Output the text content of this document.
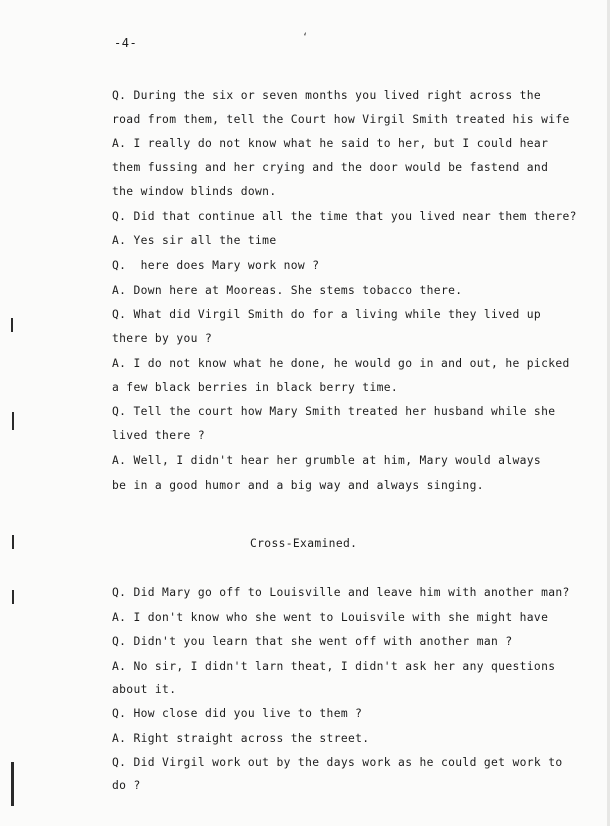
-4-	‘
Q. During the six or seven months you lived right across the
road from them, tell the Court how Virgil Smith treated his wife
A. I really do not know what he said to her, but I could hear
them fussing and her crying and the door would be fastend and
the window blinds down.
Q. Did that continue all the time that you lived near them there?
A. Yes sir all the time
Q.  here does Mary work now ?
A. Down here at Mooreas. She stems tobacco there.
Q. What did Virgil Smith do for a living while they lived up
there by you ?
A. I do not know what he done, he would go in and out, he picked
a few black berries in black berry time.
Q. Tell the court how Mary Smith treated her husband while she
lived there ?
A. Well, I didn't hear her grumble at him, Mary would always
be in a good humor and a big way and always singing.
Cross-Examined.
Q. Did Mary go off to Louisville and leave him with another man?
A. I don't know who she went to Louisvile with she might have
Q. Didn't you learn that she went off with another man ?
A. No sir, I didn't larn theat, I didn't ask her any questions
about it.
Q. How close did you live to them ?
A. Right straight across the street.
Q. Did Virgil work out by the days work as he could get work to
do ?
